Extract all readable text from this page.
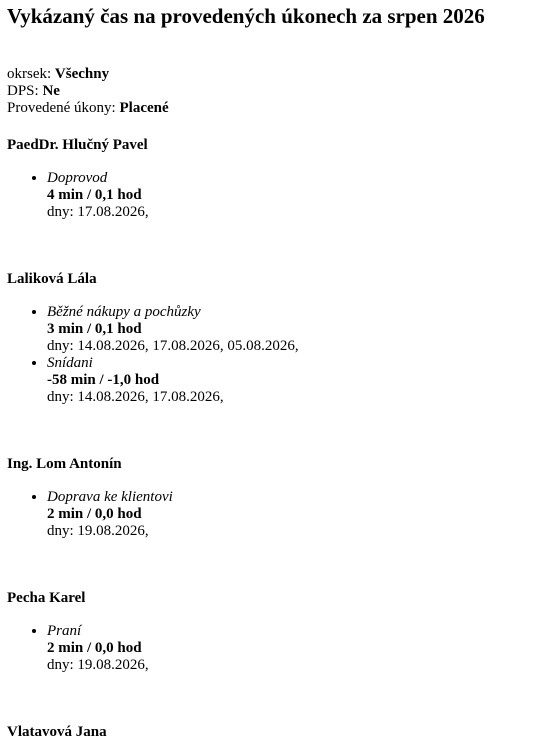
Vykázaný čas na provedených úkonech za srpen 2026
okrsek: Všechny
DPS: Ne
Provedené úkony: Placené
PaedDr. Hlučný Pavel
• Doprovod
4 min / 0,1 hod
dny: 17.08.2026,
Laliková Lála
• Běžné nákupy a pochůzky
3 min / 0,1 hod
dny: 14.08.2026, 17.08.2026, 05.08.2026,
• Snídani
-58 min / -1,0 hod
dny: 14.08.2026, 17.08.2026,
Ing. Lom Antonín
• Doprava ke klientovi
2 min / 0,0 hod
dny: 19.08.2026,
Pecha Karel
• Praní
2 min / 0,0 hod
dny: 19.08.2026,
Vlatavová Jana
